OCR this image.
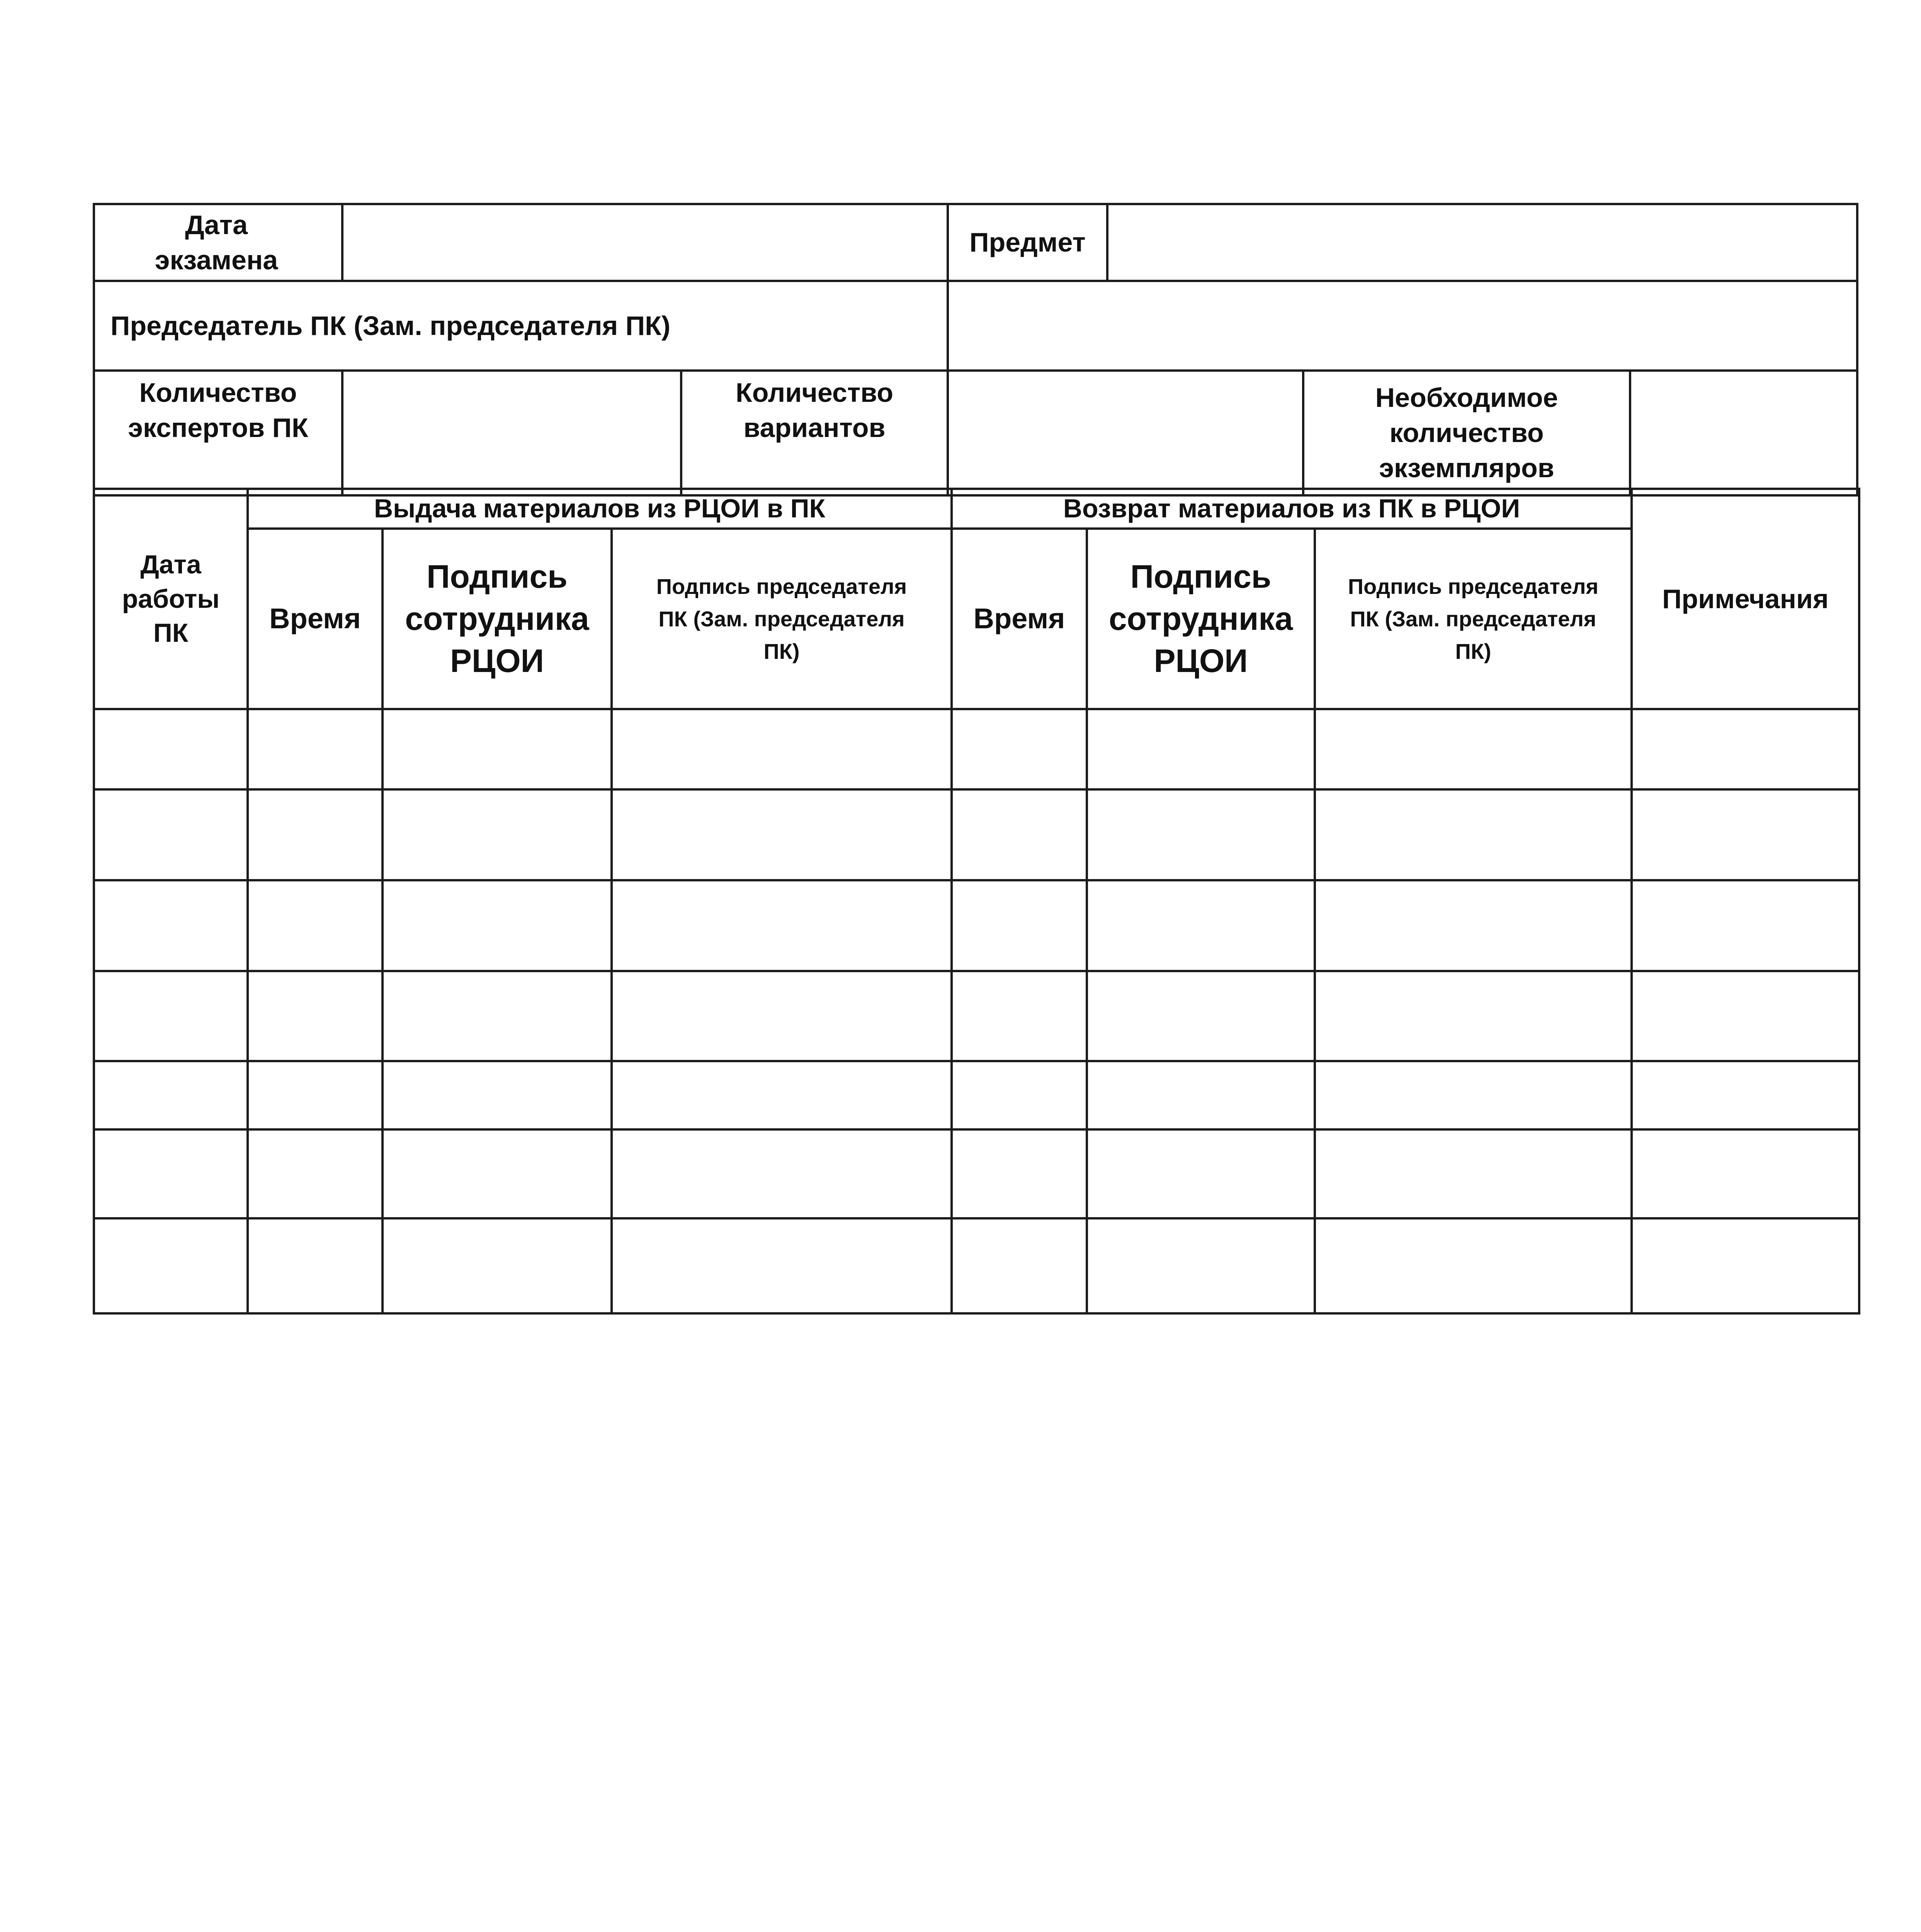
Дата экзамена
Предмет
Председатель ПК (Зам. председателя ПК)
Количество экспертов ПК
Количество вариантов
Необходимое количество экземпляров
Дата работы ПК
Выдача материалов из РЦОИ в ПК	Возврат материалов из ПК в РЦОИ
Время
Подпись сотрудника РЦОИ
Подпись председателя ПК (Зам. председателя ПК)
Время
Подпись сотрудника РЦОИ
Подпись председателя ПК (Зам. председателя ПК)
Примечания
